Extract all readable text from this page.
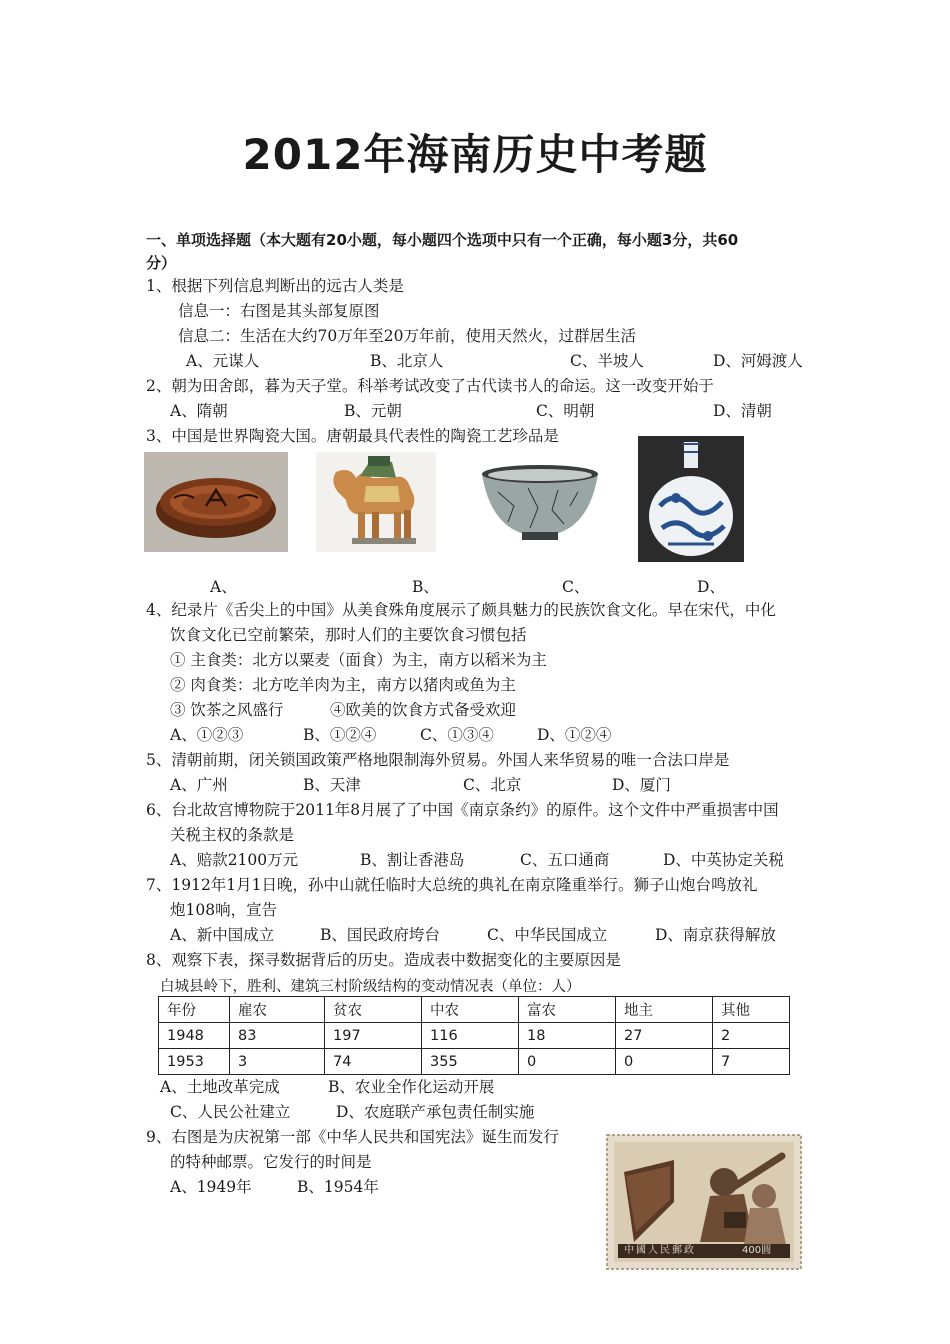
2012年海南历史中考题
一、单项选择题（本大题有20小题，每小题四个选项中只有一个正确，每小题3分，共60
分）
1、根据下列信息判断出的远古人类是
信息一：右图是其头部复原图
信息二：生活在大约70万年至20万年前，使用天然火，过群居生活
A、元谋人	B、北京人	C、半坡人	D、河姆渡人
2、朝为田舍郎，暮为天子堂。科举考试改变了古代读书人的命运。这一改变开始于
A、隋朝	B、元朝	C、明朝	D、清朝
3、中国是世界陶瓷大国。唐朝最具代表性的陶瓷工艺珍品是
A、	B、	C、	D、
4、纪录片《舌尖上的中国》从美食殊角度展示了颇具魅力的民族饮食文化。早在宋代，中化
饮食文化已空前繁荣，那时人们的主要饮食习惯包括
① 主食类：北方以粟麦（面食）为主，南方以稻米为主
② 肉食类：北方吃羊肉为主，南方以猪肉或鱼为主
③ 饮茶之风盛行	④欧美的饮食方式备受欢迎
A、①②③	B、①②④	C、①③④	D、①②④
5、清朝前期，闭关锁国政策严格地限制海外贸易。外国人来华贸易的唯一合法口岸是
A、广州	B、天津	C、北京	D、厦门
6、台北故宫博物院于2011年8月展了了中国《南京条约》的原件。这个文件中严重损害中国
关税主权的条款是
A、赔款2100万元	B、割让香港岛	C、五口通商	D、中英协定关税
7、1912年1月1日晚，孙中山就任临时大总统的典礼在南京隆重举行。狮子山炮台鸣放礼
炮108响，宣告
A、新中国成立	B、国民政府垮台	C、中华民国成立	D、南京获得解放
8、观察下表，探寻数据背后的历史。造成表中数据变化的主要原因是
白城县岭下，胜利、建筑三村阶级结构的变动情况表（单位：人）
年份	雇农	贫农	中农	富农	地主	其他
1948	83	197	116	18	27	2
1953	3	74	355	0	0	7
A、土地改革完成	B、农业全作化运动开展
C、人民公社建立	D、农庭联产承包责任制实施
9、右图是为庆祝第一部《中华人民共和国宪法》诞生而发行
的特种邮票。它发行的时间是
A、1949年	B、1954年
中國人民郵政	400圓
